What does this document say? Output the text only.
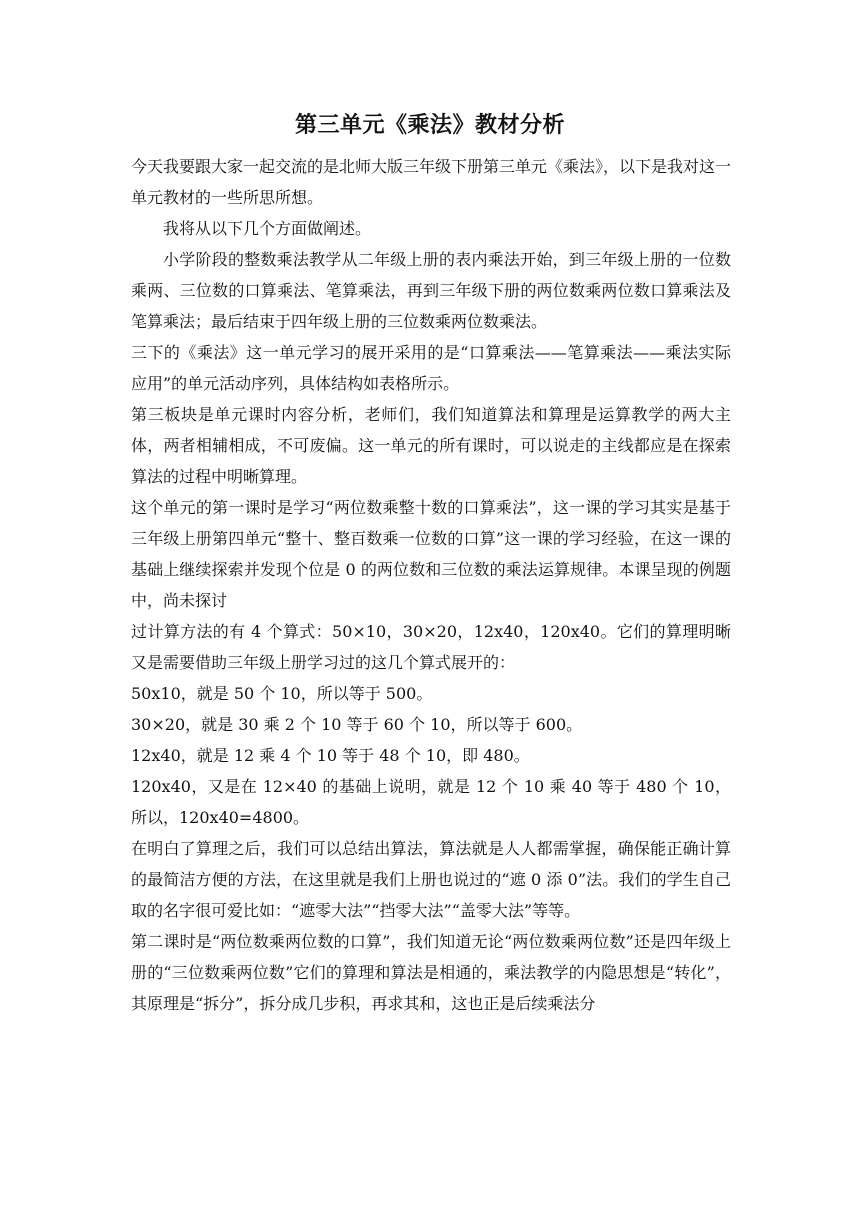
第三单元《乘法》教材分析

今天我要跟大家一起交流的是北师大版三年级下册第三单元《乘法》，以下是我对这一单元教材的一些所思所想。

我将从以下几个方面做阐述。

小学阶段的整数乘法教学从二年级上册的表内乘法开始，到三年级上册的一位数乘两、三位数的口算乘法、笔算乘法，再到三年级下册的两位数乘两位数口算乘法及笔算乘法；最后结束于四年级上册的三位数乘两位数乘法。

三下的《乘法》这一单元学习的展开采用的是“口算乘法——笔算乘法——乘法实际应用”的单元活动序列，具体结构如表格所示。

第三板块是单元课时内容分析，老师们，我们知道算法和算理是运算教学的两大主体，两者相辅相成，不可废偏。这一单元的所有课时，可以说走的主线都应是在探索算法的过程中明晰算理。

这个单元的第一课时是学习“两位数乘整十数的口算乘法”，这一课的学习其实是基于三年级上册第四单元“整十、整百数乘一位数的口算”这一课的学习经验，在这一课的基础上继续探索并发现个位是 0 的两位数和三位数的乘法运算规律。本课呈现的例题中，尚未探讨

过计算方法的有 4 个算式：50×10，30×20，12x40，120x40。它们的算理明晰又是需要借助三年级上册学习过的这几个算式展开的：

50x10，就是 50 个 10，所以等于 500。

30×20，就是 30 乘 2 个 10 等于 60 个 10，所以等于 600。

12x40，就是 12 乘 4 个 10 等于 48 个 10，即 480。

120x40，又是在 12×40 的基础上说明，就是 12 个 10 乘 40 等于 480 个 10， 所以，120x40=4800。

在明白了算理之后，我们可以总结出算法，算法就是人人都需掌握，确保能正确计算的最简洁方便的方法，在这里就是我们上册也说过的“遮 0 添 0”法。我们的学生自己取的名字很可爱比如：“遮零大法”“挡零大法”“盖零大法”等等。

第二课时是“两位数乘两位数的口算”，我们知道无论“两位数乘两位数”还是四年级上册的“三位数乘两位数”它们的算理和算法是相通的，乘法教学的内隐思想是“转化”，其原理是“拆分”，拆分成几步积，再求其和，这也正是后续乘法分
